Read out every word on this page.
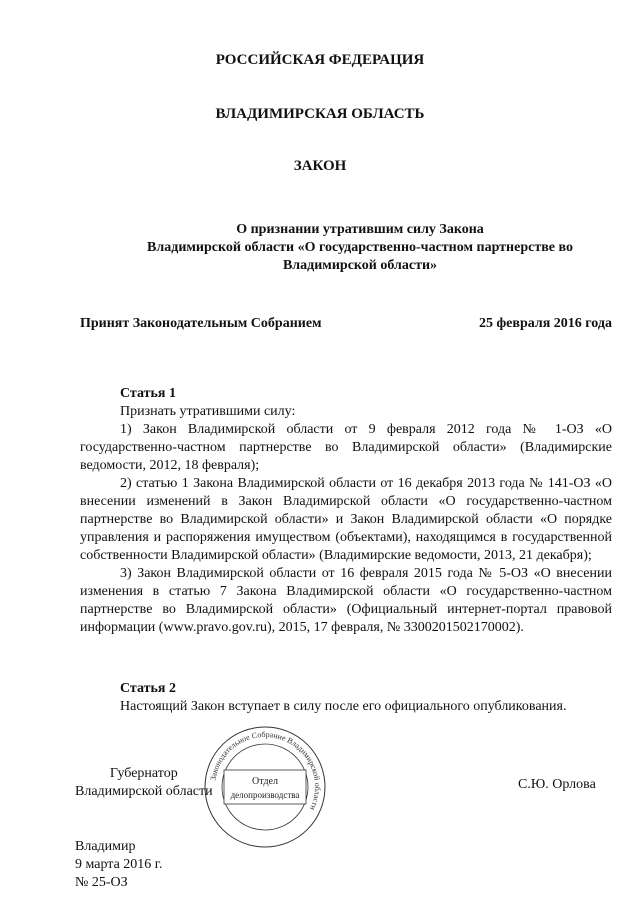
РОССИЙСКАЯ ФЕДЕРАЦИЯ
ВЛАДИМИРСКАЯ ОБЛАСТЬ
ЗАКОН
О признании утратившим силу Закона
Владимирской области «О государственно-частном партнерстве во
Владимирской области»
Принят Законодательным Собранием	25 февраля 2016 года
Статья 1

Признать утратившими силу:

1) Закон Владимирской области от 9 февраля 2012 года № 1-ОЗ «О государственно-частном партнерстве во Владимирской области» (Владимирские ведомости, 2012, 18 февраля);

2) статью 1 Закона Владимирской области от 16 декабря 2013 года № 141-ОЗ «О внесении изменений в Закон Владимирской области «О государственно-частном партнерстве во Владимирской области» и Закон Владимирской области «О порядке управления и распоряжения имуществом (объектами), находящимся в государственной собственности Владимирской области» (Владимирские ведомости, 2013, 21 декабря);

3) Закон Владимирской области от 16 февраля 2015 года № 5-ОЗ «О внесении изменения в статью 7 Закона Владимирской области «О государственно-частном партнерстве во Владимирской области» (Официальный интернет-портал правовой информации (www.pravo.gov.ru), 2015, 17 февраля, № 3300201502170002).

Статья 2

Настоящий Закон вступает в силу после его официального опубликования.

Губернатор
Владимирской области
Законодательное Собрание Владимирской области
Отдел
делопроизводства
С.Ю. Орлова
Владимир
9 марта 2016 г.
№ 25-ОЗ
